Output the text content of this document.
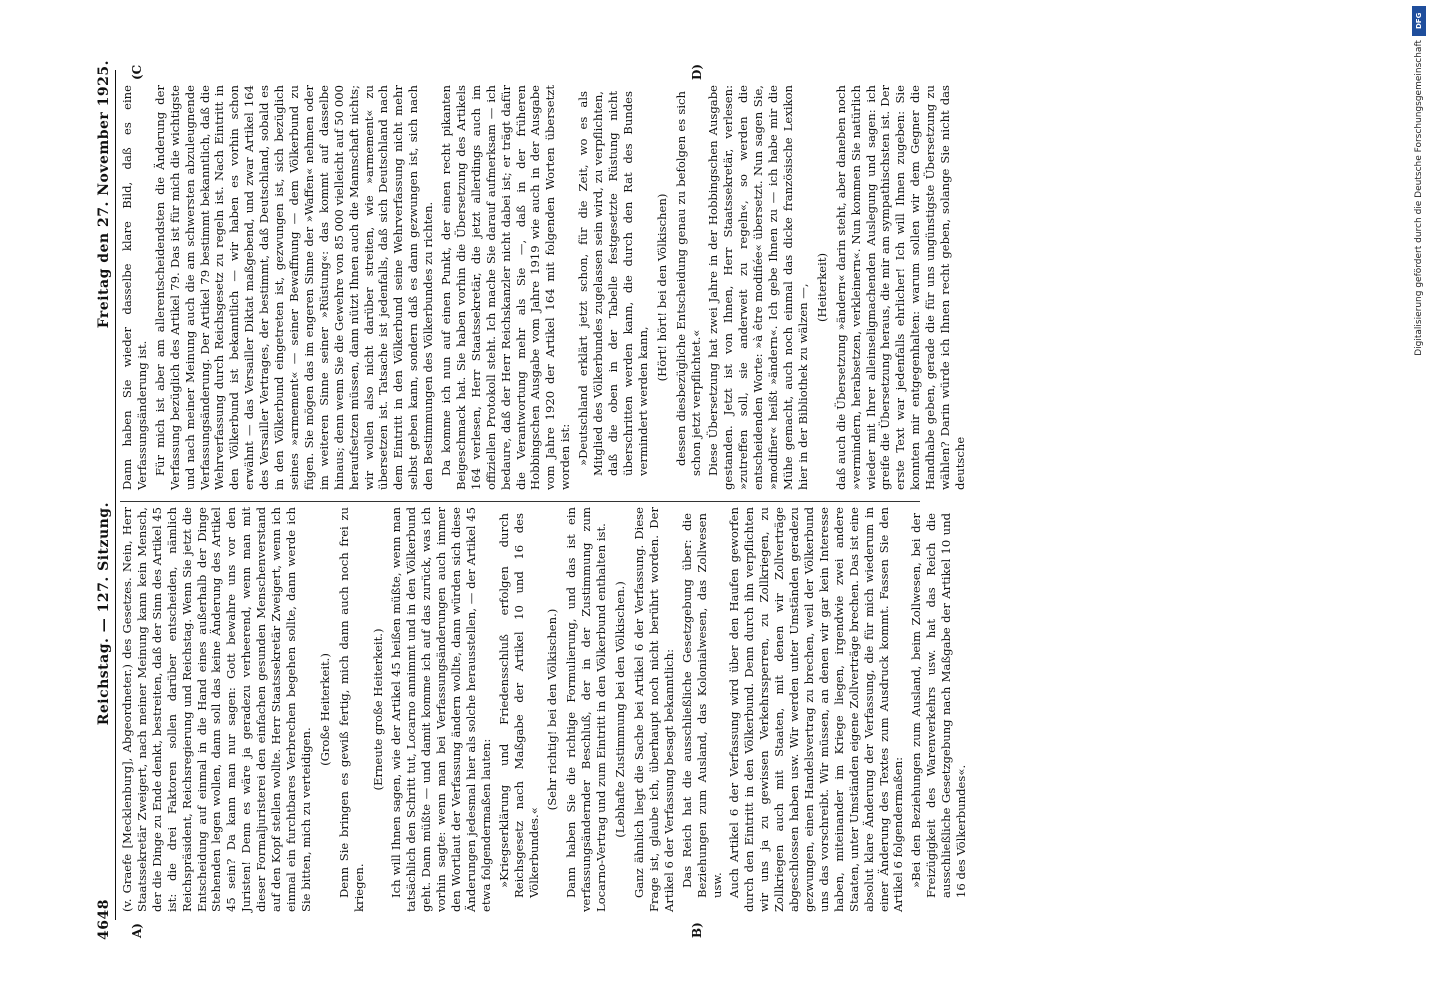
4648
Reichstag. — 127. Sitzung.
Freitag den 27. November 1925.
A)	B)
(C	D)

(v. Graefe [Mecklenburg], Abgeordneter.) des Gesetzes. Nein, Herr Staatssekretär Zweigert, nach meiner Meinung kann kein Mensch, der die Dinge zu Ende denkt, bestreiten, daß der Sinn des Artikel 45 ist: die drei Faktoren sollen darüber entscheiden, nämlich Reichspräsident, Reichsregierung und Reichstag. Wenn Sie jetzt die Entscheidung auf einmal in die Hand eines außerhalb der Dinge Stehenden legen wollen, dann soll das keine Änderung des Artikel 45 sein? Da kann man nur sagen: Gott bewahre uns vor den Juristen! Denn es wäre ja geradezu verheerend, wenn man mit dieser Formaljuristerei den einfachen gesunden Menschenverstand auf den Kopf stellen wollte. Herr Staatssekretär Zweigert, wenn ich einmal ein furchtbares Verbrechen begehen sollte, dann werde ich Sie bitten, mich zu verteidigen.

(Große Heiterkeit.) Denn Sie bringen es gewiß fertig, mich dann auch noch frei zu kriegen.

(Erneute große Heiterkeit.) Ich will Ihnen sagen, wie der Artikel 45 heißen müßte, wenn man tatsächlich den Schritt tut, Locarno annimmt und in den Völkerbund geht. Dann müßte — und damit komme ich auf das zurück, was ich vorhin sagte: wenn man bei Verfassungsänderungen auch immer den Wortlaut der Verfassung ändern wollte, dann würden sich diese Änderungen jedesmal hier als solche herausstellen, — der Artikel 45 etwa folgendermaßen lauten: »Kriegserklärung und Friedensschluß erfolgen durch Reichsgesetz nach Maßgabe der Artikel 10 und 16 des Völkerbundes.«

(Sehr richtig! bei den Völkischen.) Dann haben Sie die richtige Formulierung, und das ist ein verfassungsändernder Beschluß, der in der Zustimmung zum Locarno-Vertrag und zum Eintritt in den Völkerbund enthalten ist. (Lebhafte Zustimmung bei den Völkischen.) Ganz ähnlich liegt die Sache bei Artikel 6 der Verfassung. Diese Frage ist, glaube ich, überhaupt noch nicht berührt worden. Der Artikel 6 der Verfassung besagt bekanntlich: Das Reich hat die ausschließliche Gesetzgebung über: die Beziehungen zum Ausland, das Kolonialwesen, das Zollwesen usw. Auch Artikel 6 der Verfassung wird über den Haufen geworfen durch den Eintritt in den Völkerbund. Denn durch ihn verpflichten wir uns ja zu gewissen Verkehrssperren, zu Zollkriegen, zu Zollkriegen auch mit Staaten, mit denen wir Zollverträge abgeschlossen haben usw. Wir werden unter Umständen geradezu gezwungen, einen Handelsvertrag zu brechen, weil der Völkerbund uns das vorschreibt. Wir müssen, an denen wir gar kein Interesse haben, miteinander im Kriege liegen, irgendwie zwei andere Staaten, unter Umständen eigene Zollverträge brechen. Das ist eine absolut klare Änderung der Verfassung, die für mich wiederum in einer Änderung des Textes zum Ausdruck kommt. Fassen Sie den Artikel 6 folgendermaßen: »Bei den Beziehungen zum Ausland, beim Zollwesen, bei der Freizügigkeit des Warenverkehrs usw. hat das Reich die ausschließliche Gesetzgebung nach Maßgabe der Artikel 10 und 16 des Völkerbundes«.

Dann haben Sie wieder dasselbe klare Bild, daß es eine Verfassungsänderung ist. Für mich ist aber am allerentscheidendsten die Änderung der Verfassung bezüglich des Artikel 79. Das ist für mich die wichtigste und nach meiner Meinung auch die am schwersten abzuleugnende Verfassungsänderung. Der Artikel 79 bestimmt bekanntlich, daß die Wehrverfassung durch Reichsgesetz zu regeln ist. Nach Eintritt in den Völkerbund ist bekanntlich — wir haben es vorhin schon erwähnt — das Versailler Diktat maßgebend, und zwar Artikel 164 des Versailler Vertrages, der bestimmt, daß Deutschland, sobald es in den Völkerbund eingetreten ist, gezwungen ist, sich bezüglich seines »armement« — seiner Bewaffnung — dem Völkerbund zu fügen. Sie mögen das im engeren Sinne der »Waffen« nehmen oder im weiteren Sinne seiner »Rüstung«: das kommt auf dasselbe hinaus; denn wenn Sie die Gewehre von 85 000 vielleicht auf 50 000 heraufsetzen müssen, dann nützt Ihnen auch die Mannschaft nichts; wir wollen also nicht darüber streiten, wie »armement« zu übersetzen ist. Tatsache ist jedenfalls, daß sich Deutschland nach dem Eintritt in den Völkerbund seine Wehrverfassung nicht mehr selbst geben kann, sondern daß es dann gezwungen ist, sich nach den Bestimmungen des Völkerbundes zu richten. Da komme ich nun auf einen Punkt, der einen recht pikanten Beigeschmack hat. Sie haben vorhin die Übersetzung des Artikels 164 verlesen, Herr Staatssekretär, die jetzt allerdings auch im offiziellen Protokoll steht. Ich mache Sie darauf aufmerksam — ich bedaure, daß der Herr Reichskanzler nicht dabei ist; er trägt dafür die Verantwortung mehr als Sie —, daß in der früheren Hobbingschen Ausgabe vom Jahre 1919 wie auch in der Ausgabe vom Jahre 1920 der Artikel 164 mit folgenden Worten übersetzt worden ist: »Deutschland erklärt jetzt schon, für die Zeit, wo es als Mitglied des Völkerbundes zugelassen sein wird, zu verpflichten, daß die oben in der Tabelle festgesetzte Rüstung nicht überschritten werden kann, die durch den Rat des Bundes vermindert werden kann,

(Hört! hört! bei den Völkischen) dessen diesbezügliche Entscheidung genau zu befolgen es sich schon jetzt verpflichtet.« Diese Übersetzung hat zwei Jahre in der Hobbingschen Ausgabe gestanden. Jetzt ist von Ihnen, Herr Staatssekretär, verlesen: »zutreffen soll, sie anderweit zu regeln«, so werden die entscheidenden Worte: »à être modifiée« übersetzt. Nun sagen Sie, »modifier« heißt »ändern«. Ich gebe Ihnen zu — ich habe mir die Mühe gemacht, auch noch einmal das dicke französische Lexikon hier in der Bibliothek zu wälzen —, (Heiterkeit) daß auch die Übersetzung »ändern« darin steht, aber daneben noch »vermindern, herabsetzen, verkleinern«. Nun kommen Sie natürlich wieder mit Ihrer alleinseligmachenden Auslegung und sagen: ich greife die Übersetzung heraus, die mir am sympathischsten ist. Der erste Text war jedenfalls ehrlicher! Ich will Ihnen zugeben: Sie konnten mir entgegenhalten: warum sollen wir dem Gegner die Handhabe geben, gerade die für uns ungünstigste Übersetzung zu wählen? Darin würde ich Ihnen recht geben, solange Sie nicht das deutsche

DFG
Digitalisierung gefördert durch die Deutsche Forschungsgemeinschaft
